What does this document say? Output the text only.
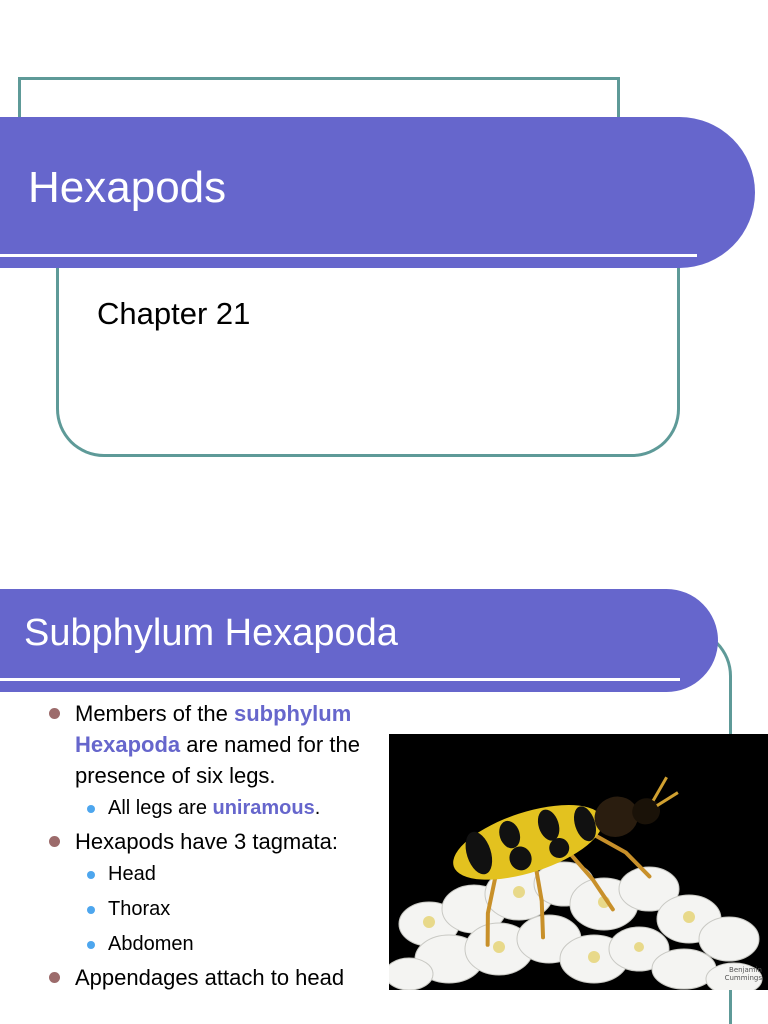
Hexapods
Chapter 21
Subphylum Hexapoda
Members of the subphylum Hexapoda are named for the presence of six legs.
All legs are uniramous.
Hexapods have 3 tagmata:
Head
Thorax
Abdomen
Appendages attach to head	Benjamin
Cummings
